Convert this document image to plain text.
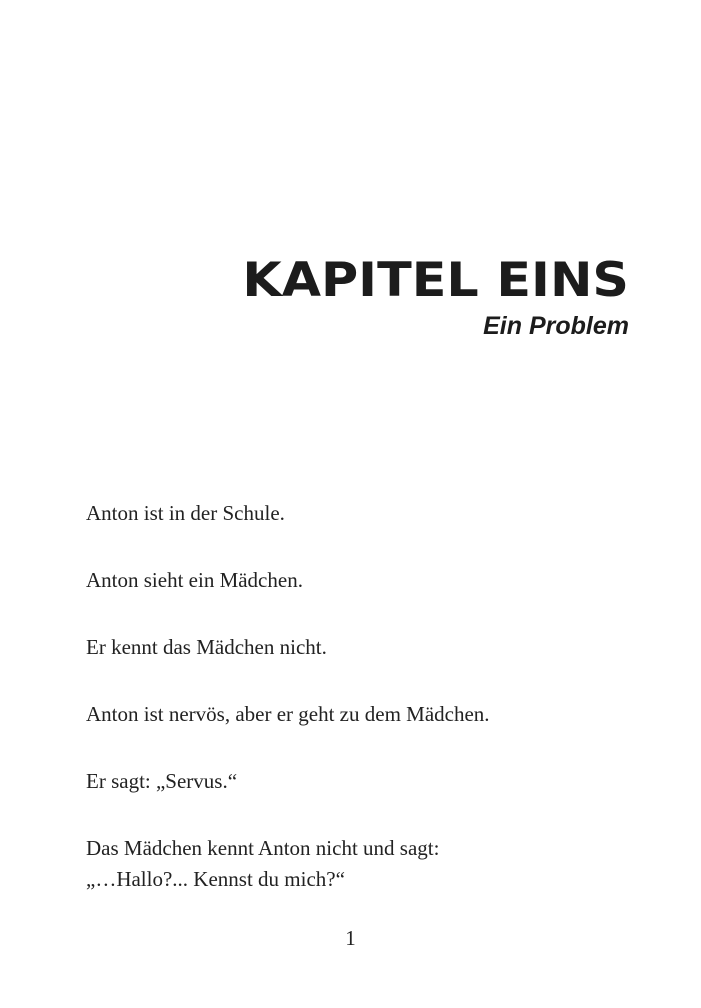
KAPITEL EINS
Ein Problem

Anton ist in der Schule.

Anton sieht ein Mädchen.

Er kennt das Mädchen nicht.

Anton ist nervös, aber er geht zu dem Mädchen.

Er sagt: „Servus.“

Das Mädchen kennt Anton nicht und sagt:

„…Hallo?... Kennst du mich?“

1
